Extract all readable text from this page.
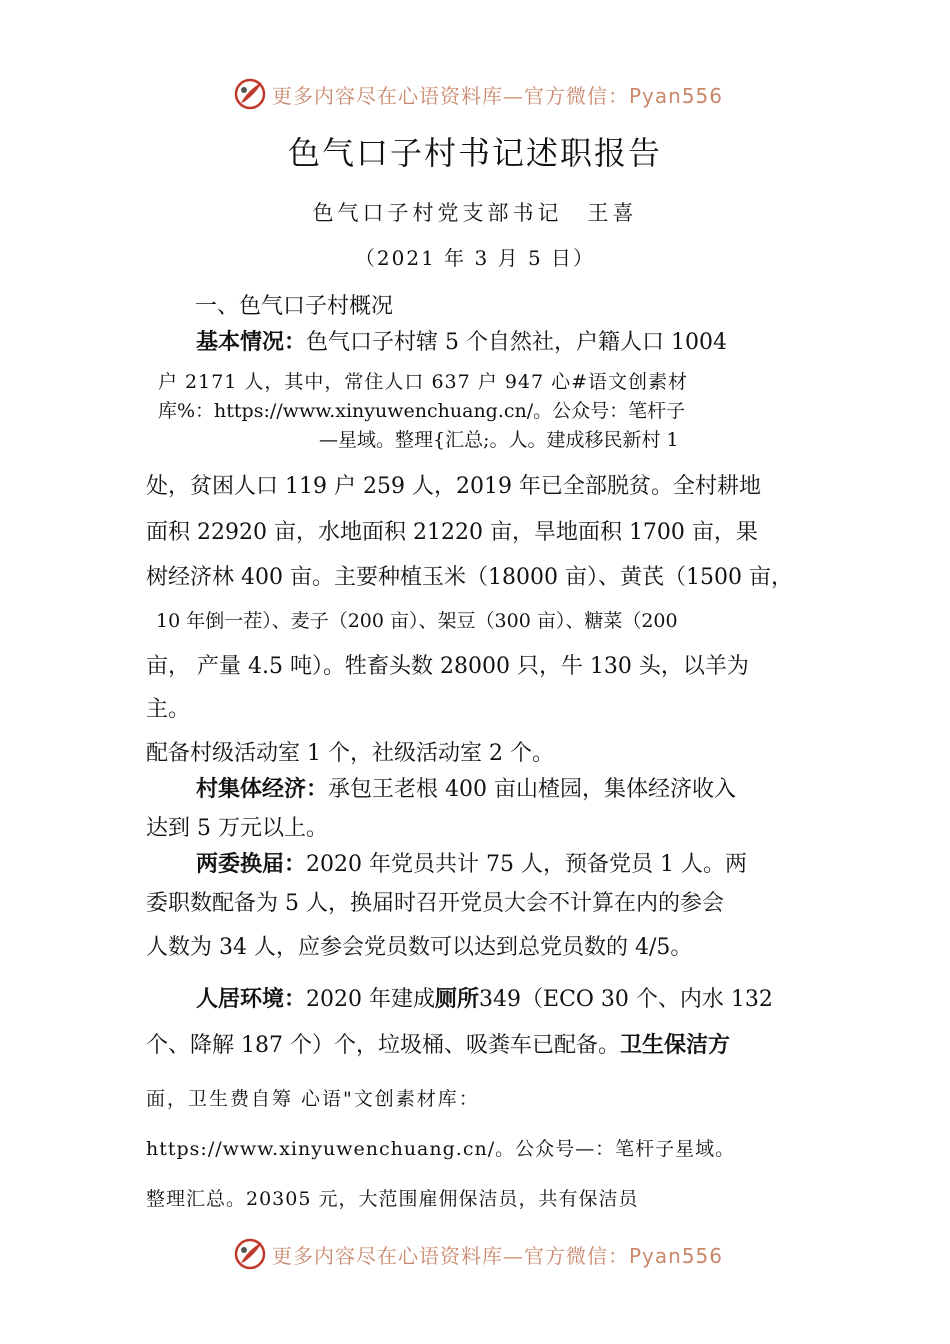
更多内容尽在心语资料库—官方微信：Pyan556
色气口子村书记述职报告
色气口子村党支部书记　王喜
（2021 年 3 月 5 日）
一、色气口子村概况
基本情况：色气口子村辖 5 个自然社，户籍人口 1004
户 2171 人，其中，常住人口 637 户 947 心#语文创素材
库%：https://www.xinyuwenchuang.cn/。公众号：笔杆子
—星域。整理{汇总;。人。建成移民新村 1
处，贫困人口 119 户 259 人，2019 年已全部脱贫。全村耕地
面积 22920 亩，水地面积 21220 亩，旱地面积 1700 亩，果
树经济林 400 亩。主要种植玉米（18000 亩）、黄芪（1500 亩，
10 年倒一茬）、麦子（200 亩）、架豆（300 亩）、糖菜（200
亩， 产量 4.5 吨）。牲畜头数 28000 只，牛 130 头，以羊为
主。
配备村级活动室 1 个，社级活动室 2 个。
村集体经济：承包王老根 400 亩山楂园，集体经济收入
达到 5 万元以上。
两委换届：2020 年党员共计 75 人，预备党员 1 人。两
委职数配备为 5 人，换届时召开党员大会不计算在内的参会
人数为 34 人，应参会党员数可以达到总党员数的 4/5。
人居环境：2020 年建成厕所349（ECO 30 个、内水 132
个、降解 187 个）个，垃圾桶、吸粪车已配备。卫生保洁方
面，卫生费自筹 心语"文创素材库：
https://www.xinyuwenchuang.cn/。公众号—：笔杆子星域。
整理汇总。20305 元，大范围雇佣保洁员，共有保洁员
更多内容尽在心语资料库—官方微信：Pyan556
